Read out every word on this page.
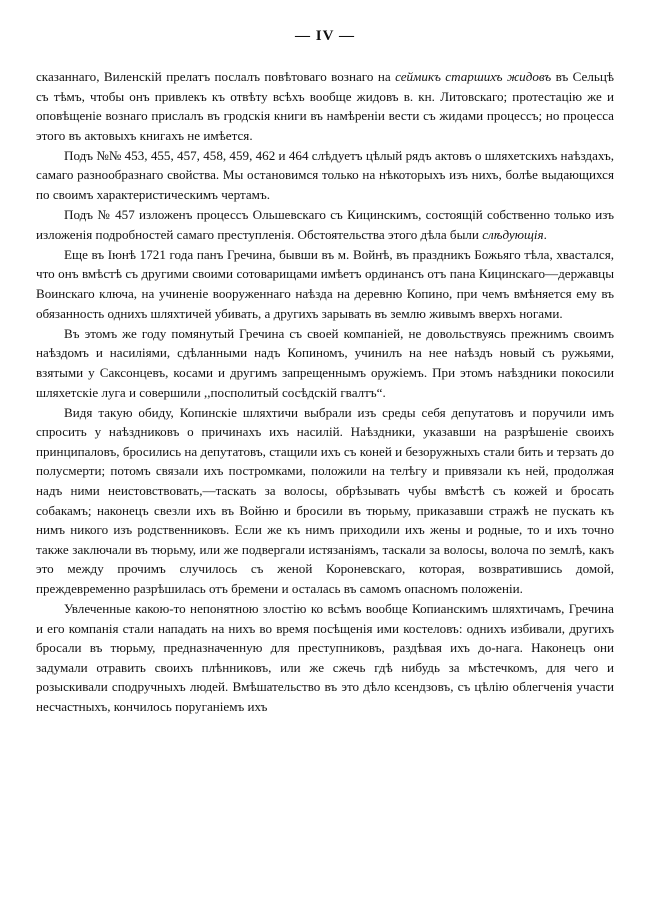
— IV —

сказаннаго, Виленскій прелатъ послалъ повѣтоваго вознаго на сеймикъ старшихъ жидовъ въ Сельцѣ съ тѣмъ, чтобы онъ привлекъ къ отвѣту всѣхъ вообще жидовъ в. кн. Литовскаго; протестацію же и оповѣщеніе вознаго прислалъ въ гродскія книги въ намѣреніи вести съ жидами процессъ; но процесса этого въ актовыхъ книгахъ не имѣется.

Подъ №№ 453, 455, 457, 458, 459, 462 и 464 слѣдуетъ цѣлый рядъ актовъ о шляхетскихъ наѣздахъ, самаго разнообразнаго свойства. Мы остановимся только на нѣкоторыхъ изъ нихъ, болѣе выдающихся по своимъ характеристическимъ чертамъ.

Подъ № 457 изложенъ процессъ Ольшевскаго съ Кицинскимъ, состоящій собственно только изъ изложенія подробностей самаго преступленія. Обстоятельства этого дѣла были слѣдующія.

Еще въ Іюнѣ 1721 года панъ Гречина, бывши въ м. Войнѣ, въ праздникъ Божьяго тѣла, хвастался, что онъ вмѣстѣ съ другими своими сотоварищами имѣетъ ординансъ отъ пана Кицинскаго—державцы Воинскаго ключа, на учиненіе вооруженнаго наѣзда на деревню Копино, при чемъ вмѣняется ему въ обязанность однихъ шляхтичей убивать, а другихъ зарывать въ землю живымъ вверхъ ногами.

Въ этомъ же году помянутый Гречина съ своей компаніей, не довольствуясь прежнимъ своимъ наѣздомъ и насиліями, сдѣланными надъ Копиномъ, учинилъ на нее наѣздъ новый съ ружьями, взятыми у Саксонцевъ, косами и другимъ запрещеннымъ оружіемъ. При этомъ наѣздники покосили шляхетскіе луга и совершили ,,посполитый сосѣдскій гвалтъ“.

Видя такую обиду, Копинскіе шляхтичи выбрали изъ среды себя депутатовъ и поручили имъ спросить у наѣздниковъ о причинахъ ихъ насилій. Наѣздники, указавши на разрѣшеніе своихъ принципаловъ, бросились на депутатовъ, стащили ихъ съ коней и безоружныхъ стали бить и терзать до полусмерти; потомъ связали ихъ постромками, положили на телѣгу и привязали къ ней, продолжая надъ ними неистовствовать,—таскать за волосы, обрѣзывать чубы вмѣстѣ съ кожей и бросать собакамъ; наконецъ свезли ихъ въ Войню и бросили въ тюрьму, приказавши стражѣ не пускать къ нимъ никого изъ родственниковъ. Если же къ нимъ приходили ихъ жены и родные, то и ихъ точно также заключали въ тюрьму, или же подвергали истязаніямъ, таскали за волосы, волоча по землѣ, какъ это между прочимъ случилось съ женой Короневскаго, которая, возвратившись домой, преждевременно разрѣшилась отъ бремени и осталась въ самомъ опасномъ положеніи.

Увлеченные какою-то непонятною злостію ко всѣмъ вообще Копианскимъ шляхтичамъ, Гречина и его компанія стали нападать на нихъ во время посѣщенія ими костеловъ: однихъ избивали, другихъ бросали въ тюрьму, предназначенную для преступниковъ, раздѣвая ихъ до-нага. Наконецъ они задумали отравить своихъ плѣнниковъ, или же сжечь гдѣ нибудь за мѣстечкомъ, для чего и розыскивали сподручныхъ людей. Вмѣшательство въ это дѣло ксендзовъ, съ цѣлію облегченія участи несчастныхъ, кончилось поруганіемъ ихъ
